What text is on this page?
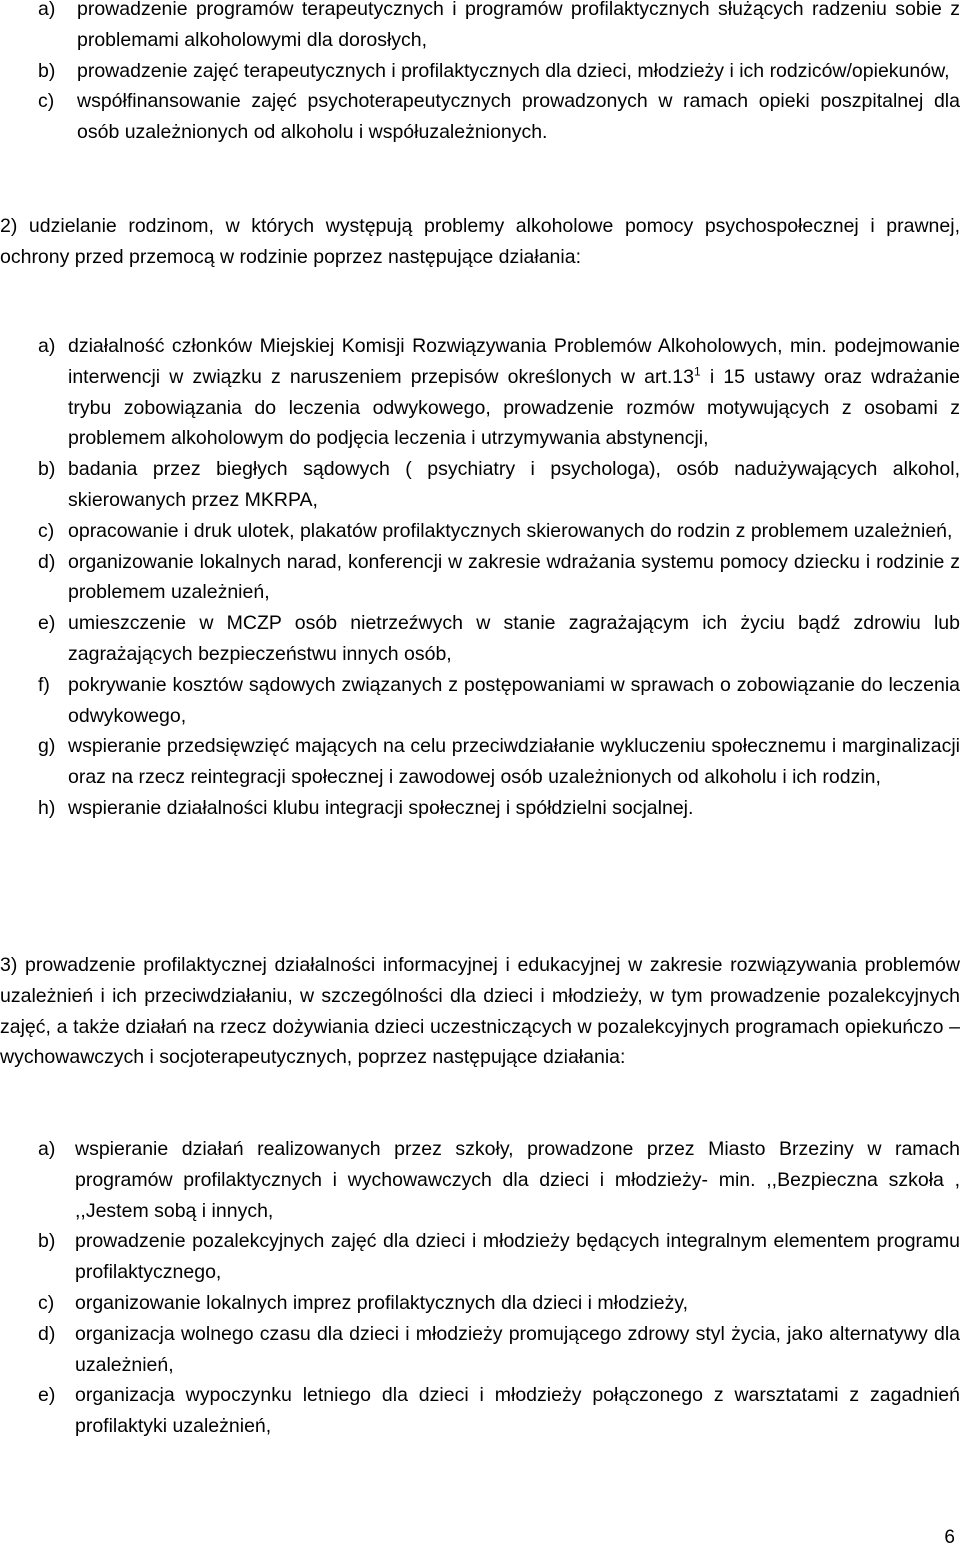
a)	prowadzenie programów terapeutycznych i programów profilaktycznych służących radzeniu sobie z problemami alkoholowymi dla dorosłych,
b)	prowadzenie zajęć terapeutycznych i profilaktycznych dla dzieci, młodzieży i ich rodziców/opiekunów,
c)	współfinansowanie zajęć psychoterapeutycznych prowadzonych w ramach opieki poszpitalnej dla osób uzależnionych od alkoholu i współuzależnionych.

2) udzielanie rodzinom, w których występują problemy alkoholowe pomocy psychospołecznej i prawnej, ochrony przed przemocą w rodzinie poprzez następujące działania:

a) działalność członków Miejskiej Komisji Rozwiązywania Problemów Alkoholowych, min. podejmowanie interwencji w związku z naruszeniem przepisów określonych w $art.13^1$ i 15 ustawy oraz wdrażanie trybu zobowiązania do leczenia odwykowego, prowadzenie rozmów motywujących z osobami z problemem alkoholowym do podjęcia leczenia i utrzymywania abstynencji,
b) badania przez biegłych sądowych ( psychiatry i psychologa), osób nadużywających alkohol, skierowanych przez MKRPA,
c) opracowanie i druk ulotek, plakatów profilaktycznych skierowanych do rodzin z problemem uzależnień,
d) organizowanie lokalnych narad, konferencji w zakresie wdrażania systemu pomocy dziecku i rodzinie z problemem uzależnień,
e) umieszczenie w MCZP osób nietrzeźwych w stanie zagrażającym ich życiu bądź zdrowiu lub zagrażających bezpieczeństwu innych osób,
f) pokrywanie kosztów sądowych związanych z postępowaniami w sprawach o zobowiązanie do leczenia odwykowego,
g) wspieranie przedsięwzięć mających na celu przeciwdziałanie wykluczeniu społecznemu i marginalizacji oraz na rzecz reintegracji społecznej i zawodowej osób uzależnionych od alkoholu i ich rodzin,
h) wspieranie działalności klubu integracji społecznej i spółdzielni socjalnej.

3) prowadzenie profilaktycznej działalności informacyjnej i edukacyjnej w zakresie rozwiązywania problemów uzależnień i ich przeciwdziałaniu, w szczególności dla dzieci i młodzieży, w tym prowadzenie pozalekcyjnych zajęć, a także działań na rzecz dożywiania dzieci uczestniczących w pozalekcyjnych programach opiekuńczo – wychowawczych i socjoterapeutycznych, poprzez następujące działania:

a)	wspieranie działań realizowanych przez szkoły, prowadzone przez Miasto Brzeziny w ramach programów profilaktycznych i wychowawczych dla dzieci i młodzieży- min. ,,Bezpieczna szkoła , ,,Jestem sobą i innych,
b)	prowadzenie pozalekcyjnych zajęć dla dzieci i młodzieży będących integralnym elementem programu profilaktycznego,
c)	organizowanie lokalnych imprez profilaktycznych dla dzieci i młodzieży,
d)	organizacja wolnego czasu dla dzieci i młodzieży promującego zdrowy styl życia, jako alternatywy dla uzależnień,
e)	organizacja wypoczynku letniego dla dzieci i młodzieży połączonego z warsztatami z zagadnień profilaktyki uzależnień,
6
